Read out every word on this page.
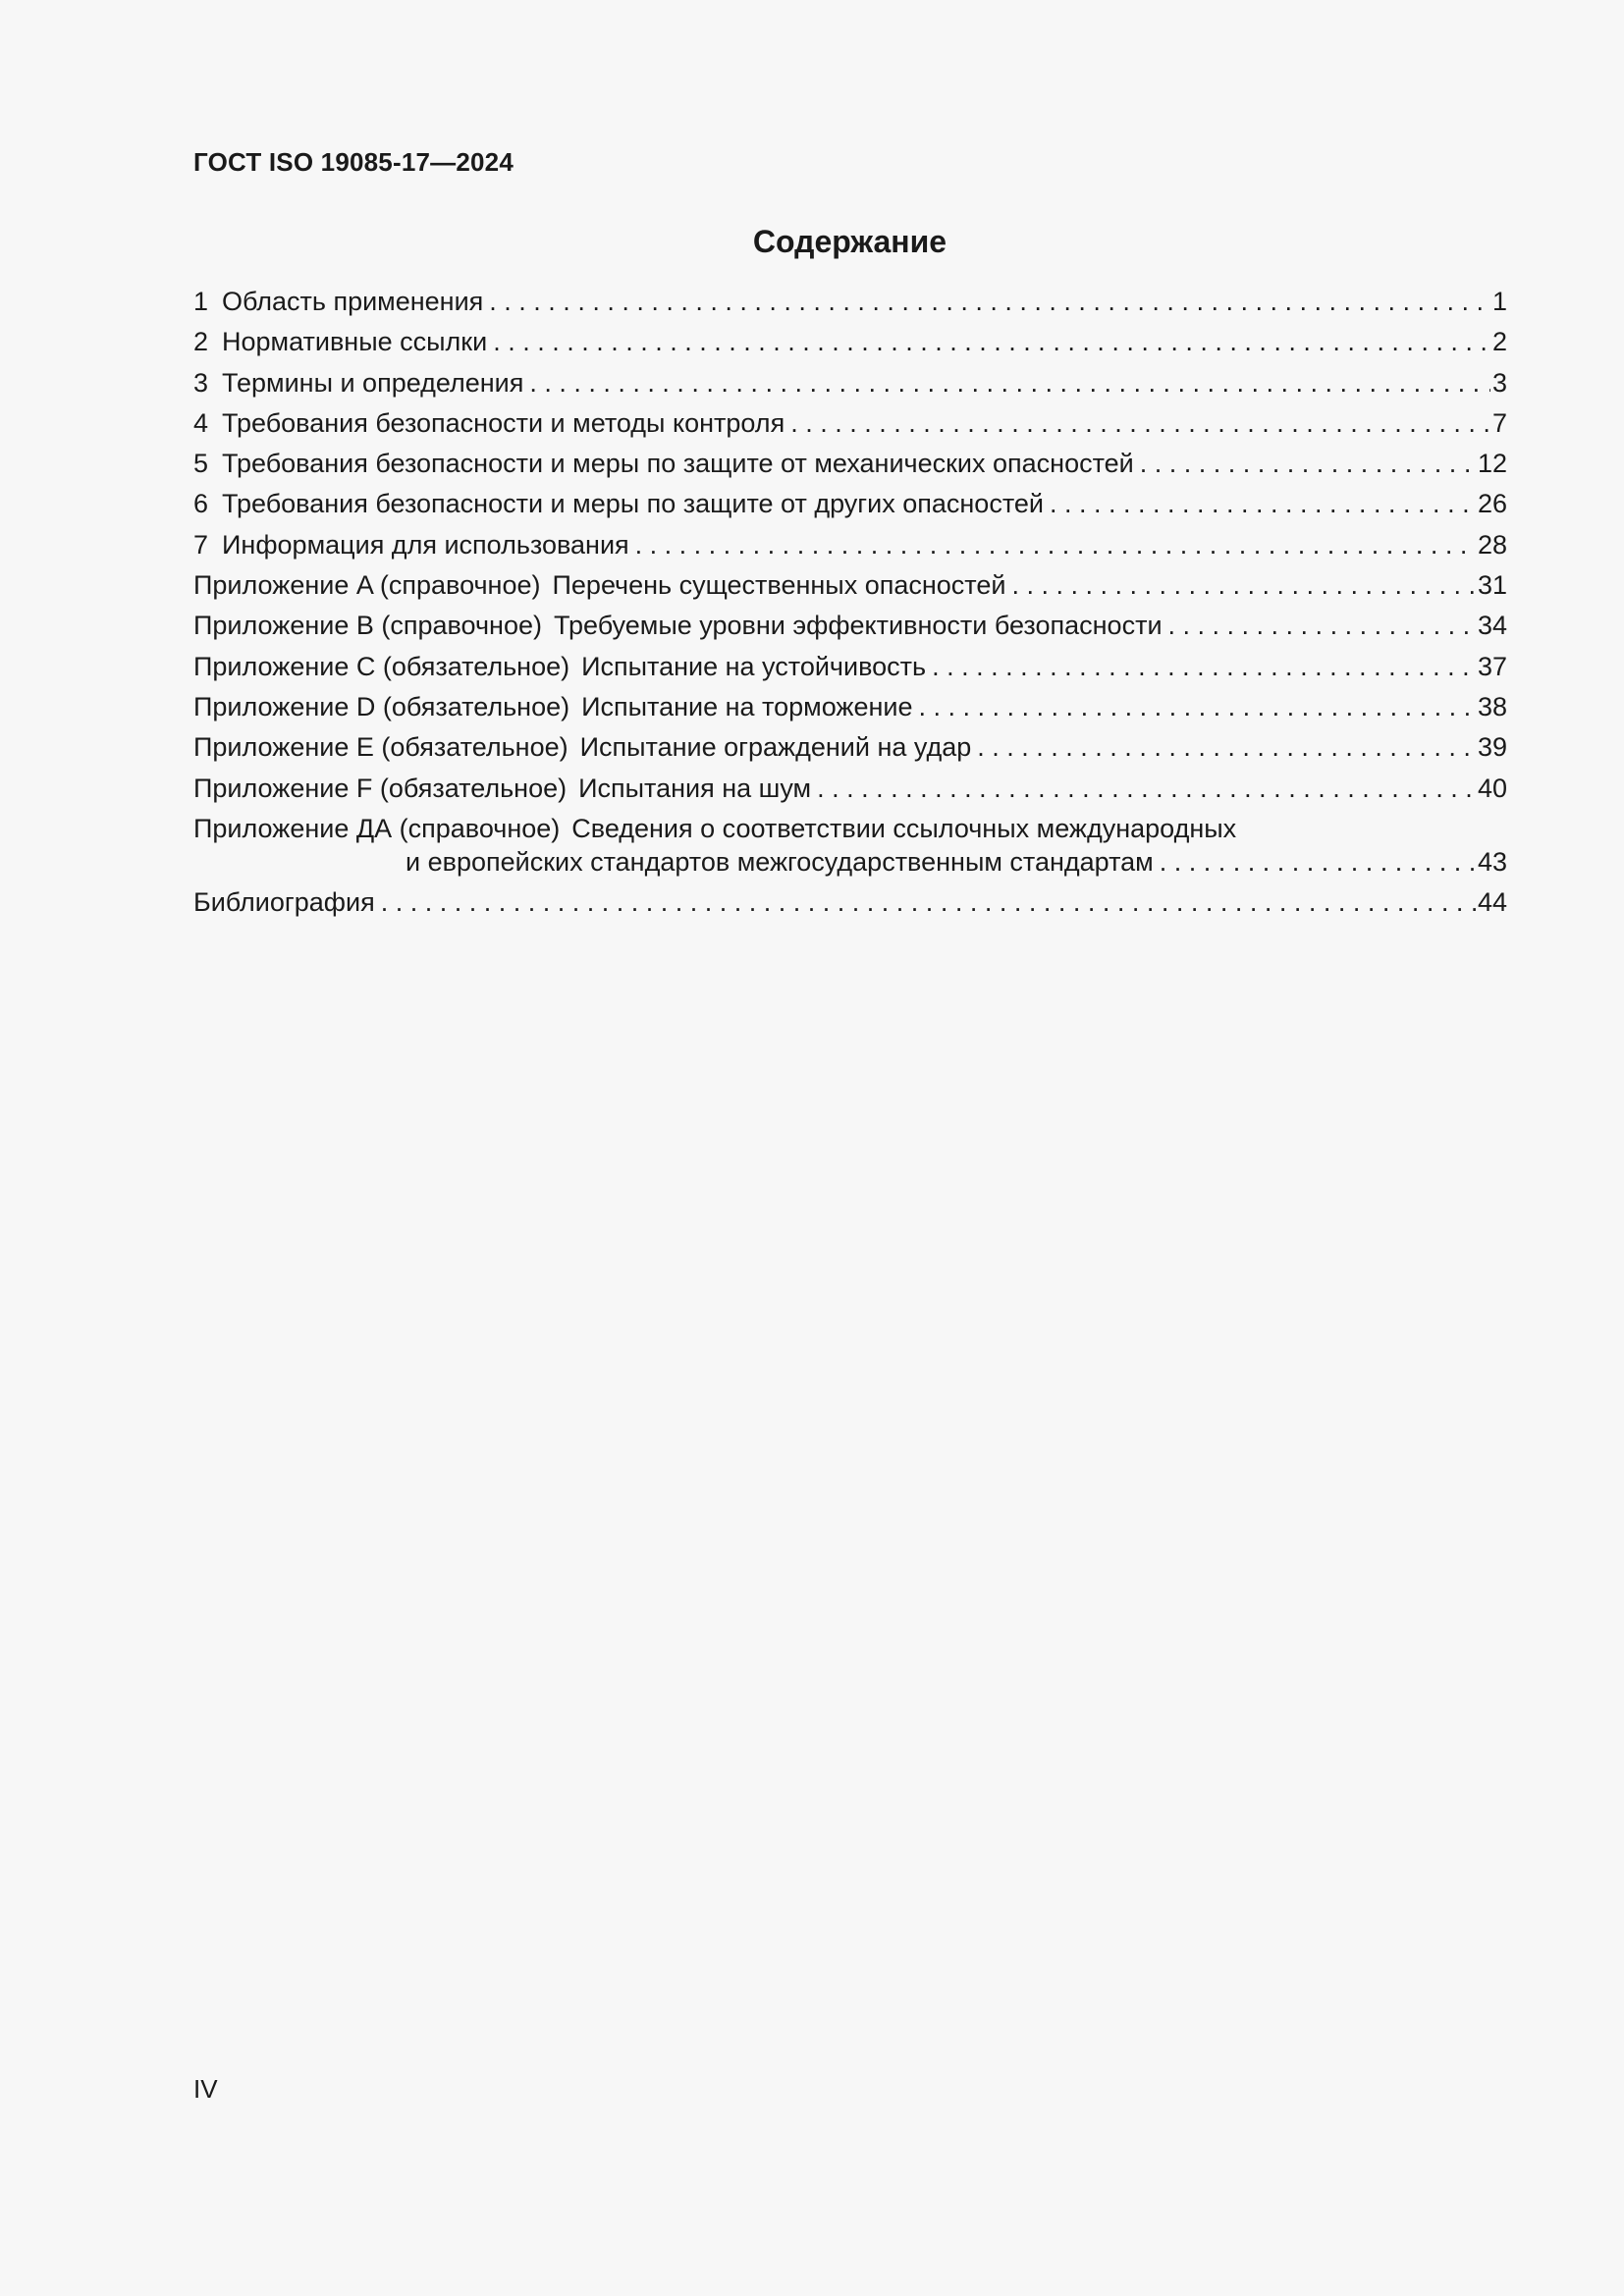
ГОСТ ISO 19085-17—2024
Содержание
1 Область применения . . .	1
2 Нормативные ссылки . . .	2
3 Термины и определения . . .	3
4 Требования безопасности и методы контроля . . .	7
5 Требования безопасности и меры по защите от механических опасностей . . .	12
6 Требования безопасности и меры по защите от других опасностей . . .	26
7 Информация для использования . . .	28
Приложение A (справочное) Перечень существенных опасностей . . .	31
Приложение B (справочное) Требуемые уровни эффективности безопасности . . .	34
Приложение C (обязательное) Испытание на устойчивость . . .	37
Приложение D (обязательное) Испытание на торможение . . .	38
Приложение E (обязательное) Испытание ограждений на удар . . .	39
Приложение F (обязательное) Испытания на шум . . .	40
Приложение ДА (справочное) Сведения о соответствии ссылочных международных
и европейских стандартов межгосударственным стандартам . . .	43
Библиография . . .	44
IV
